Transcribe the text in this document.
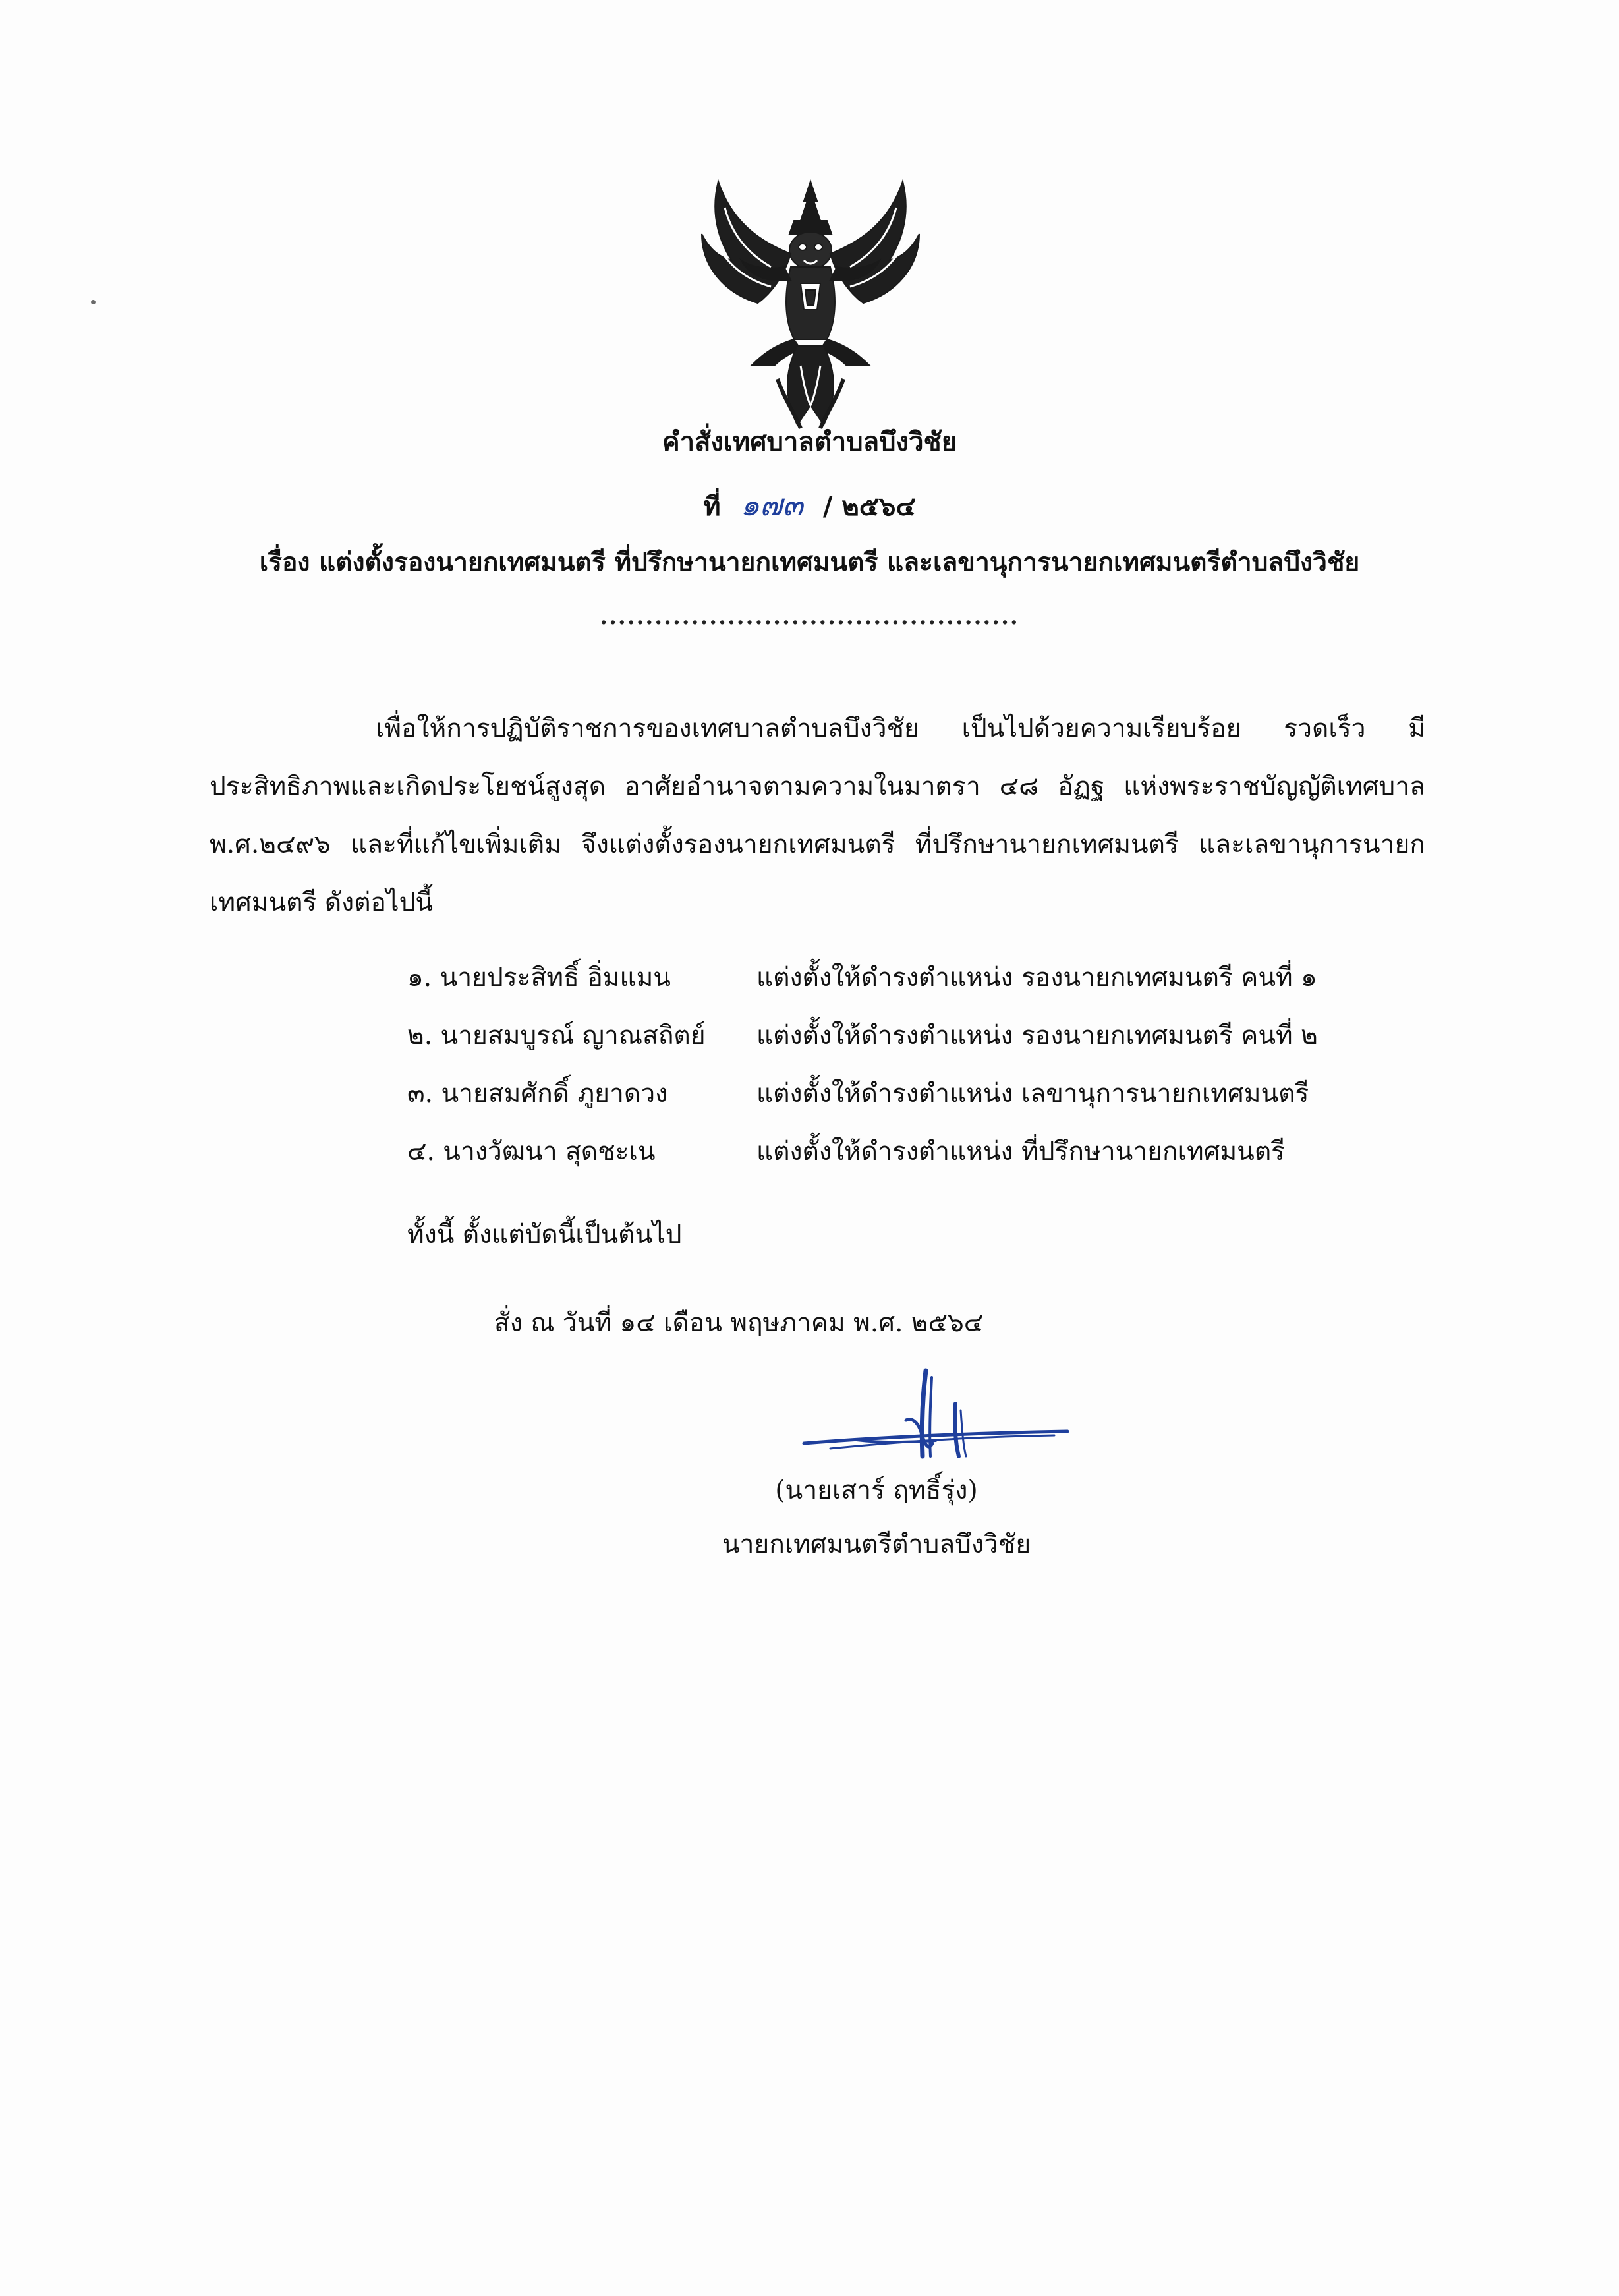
คำสั่งเทศบาลตำบลบึงวิชัย
ที่ ๑๗๓ / ๒๕๖๔
เรื่อง แต่งตั้งรองนายกเทศมนตรี ที่ปรึกษานายกเทศมนตรี และเลขานุการนายกเทศมนตรีตำบลบึงวิชัย
..............................................
เพื่อให้การปฏิบัติราชการของเทศบาลตำบลบึงวิชัย เป็นไปด้วยความเรียบร้อย รวดเร็ว มีประสิทธิภาพและเกิดประโยชน์สูงสุด อาศัยอำนาจตามความในมาตรา ๔๘ อัฏฐ แห่งพระราชบัญญัติเทศบาล พ.ศ.๒๔๙๖ และที่แก้ไขเพิ่มเติม จึงแต่งตั้งรองนายกเทศมนตรี ที่ปรึกษานายกเทศมนตรี และเลขานุการนายกเทศมนตรี ดังต่อไปนี้
๑. นายประสิทธิ์ อิ่มแมน	แต่งตั้งให้ดำรงตำแหน่ง รองนายกเทศมนตรี คนที่ ๑
๒. นายสมบูรณ์ ญาณสถิตย์ แต่งตั้งให้ดำรงตำแหน่ง รองนายกเทศมนตรี คนที่ ๒
๓. นายสมศักดิ์ ภูยาดวง	แต่งตั้งให้ดำรงตำแหน่ง เลขานุการนายกเทศมนตรี
๔. นางวัฒนา สุดชะเน	แต่งตั้งให้ดำรงตำแหน่ง ที่ปรึกษานายกเทศมนตรี
ทั้งนี้ ตั้งแต่บัดนี้เป็นต้นไป
สั่ง ณ วันที่ ๑๔ เดือน พฤษภาคม พ.ศ. ๒๕๖๔
(นายเสาร์ ฤทธิ์รุ่ง)
นายกเทศมนตรีตำบลบึงวิชัย
